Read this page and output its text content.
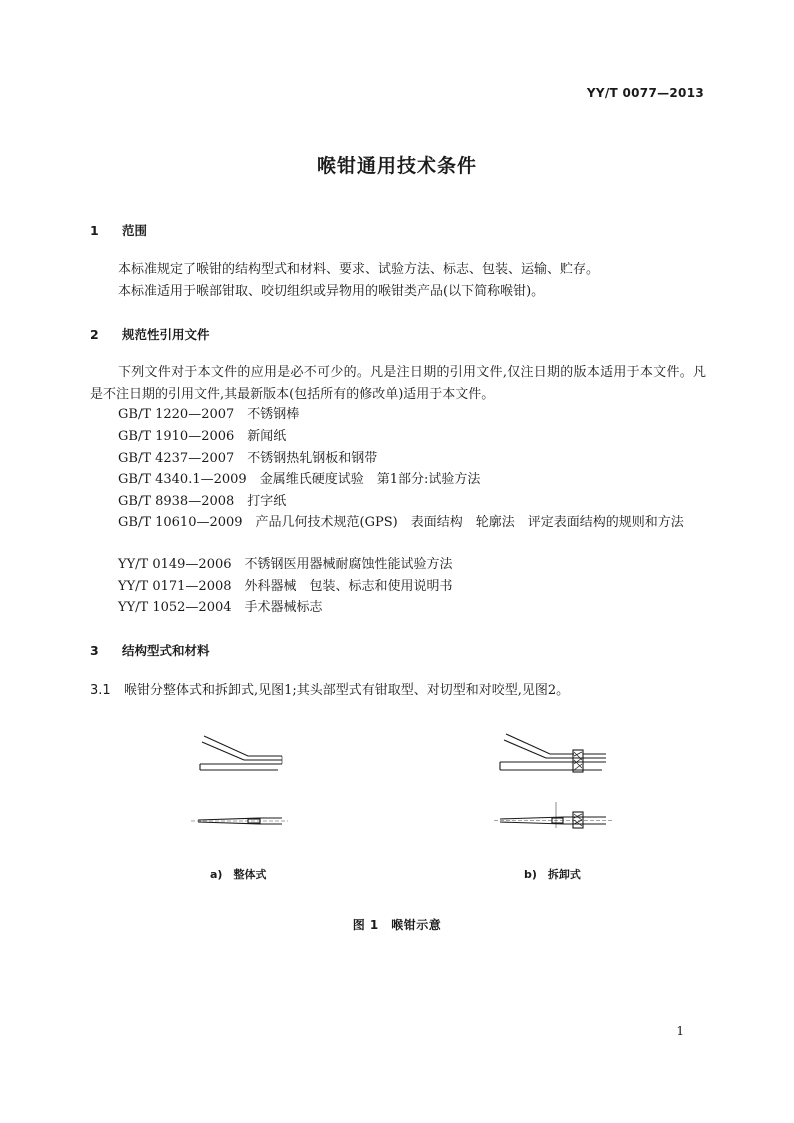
YY/T 0077—2013
喉钳通用技术条件
1 范围
本标准规定了喉钳的结构型式和材料、要求、试验方法、标志、包装、运输、贮存。
本标准适用于喉部钳取、咬切组织或异物用的喉钳类产品(以下简称喉钳)。
2 规范性引用文件
下列文件对于本文件的应用是必不可少的。凡是注日期的引用文件,仅注日期的版本适用于本文件。凡是不注日期的引用文件,其最新版本(包括所有的修改单)适用于本文件。
GB/T 1220—2007　不锈钢棒
GB/T 1910—2006　新闻纸
GB/T 4237—2007　不锈钢热轧钢板和钢带
GB/T 4340.1—2009　金属维氏硬度试验　第1部分:试验方法
GB/T 8938—2008　打字纸
GB/T 10610—2009　产品几何技术规范(GPS)　表面结构　轮廓法　评定表面结构的规则和方法
YY/T 0149—2006　不锈钢医用器械耐腐蚀性能试验方法
YY/T 0171—2008　外科器械　包装、标志和使用说明书
YY/T 1052—2004　手术器械标志
3 结构型式和材料
3.1 喉钳分整体式和拆卸式,见图1;其头部型式有钳取型、对切型和对咬型,见图2。
a)　整体式	b)　拆卸式
图 1　喉钳示意
1
